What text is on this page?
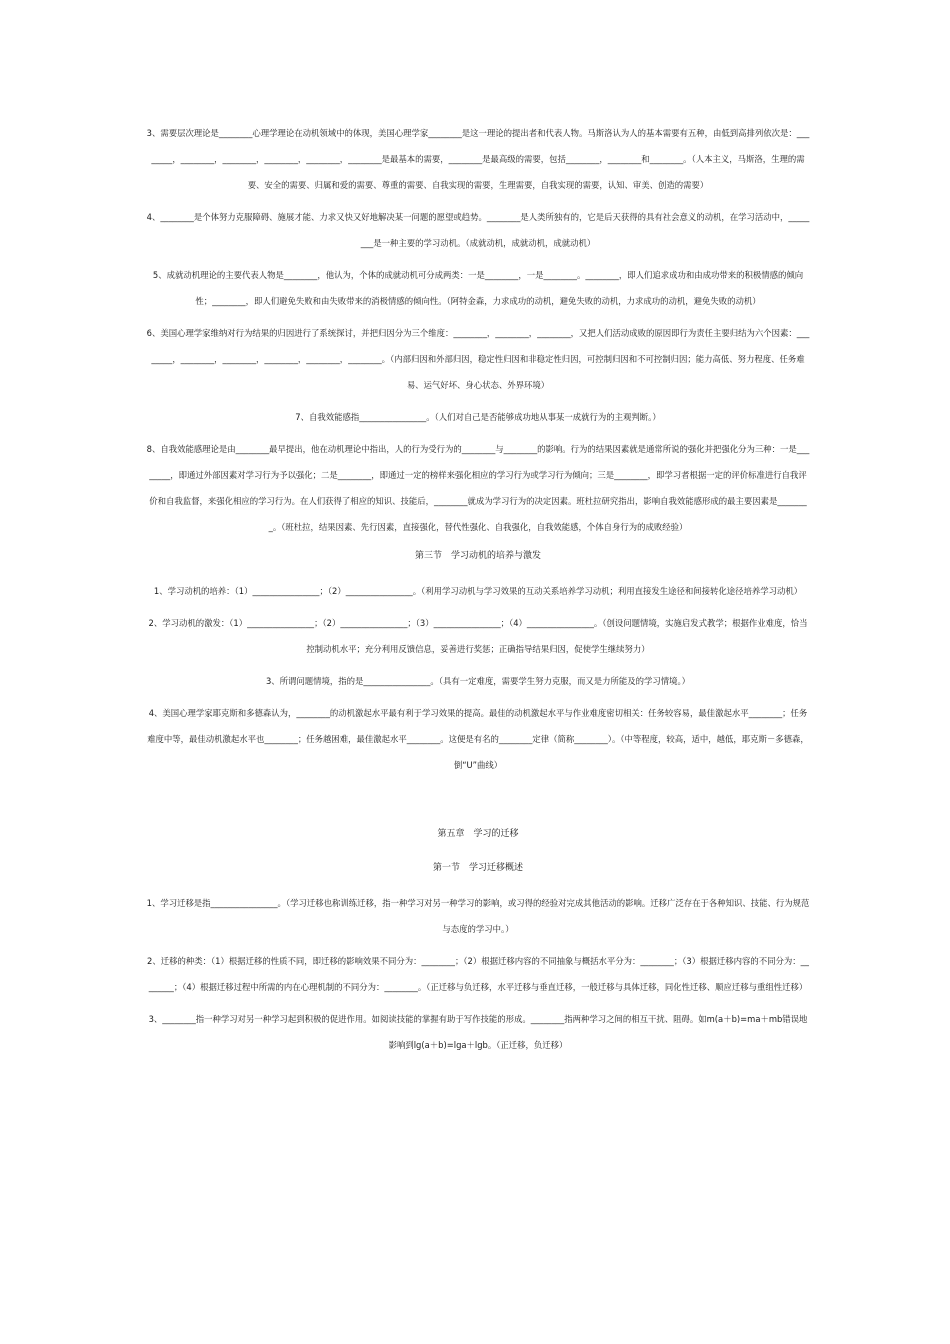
3、需要层次理论是________心理学理论在动机领域中的体现，美国心理学家________是这一理论的提出者和代表人物。马斯洛认为人的基本需要有五种，由低到高排列依次是：________，________，________，________，________，________是最基本的需要，________是最高级的需要，包括________，________和________。（人本主义，马斯洛，生理的需要、安全的需要、归属和爱的需要、尊重的需要、自我实现的需要，生理需要，自我实现的需要，认知、审美、创造的需要）

4、________是个体努力克服障碍、施展才能、力求又快又好地解决某一问题的愿望或趋势。________是人类所独有的，它是后天获得的具有社会意义的动机，在学习活动中，________是一种主要的学习动机。（成就动机，成就动机，成就动机）

5、成就动机理论的主要代表人物是________，他认为，个体的成就动机可分成两类：一是________，一是________。________，即人们追求成功和由成功带来的积极情感的倾向性；________，即人们避免失败和由失败带来的消极情感的倾向性。（阿特金森，力求成功的动机，避免失败的动机，力求成功的动机，避免失败的动机）

6、美国心理学家维纳对行为结果的归因进行了系统探讨，并把归因分为三个维度：________，________，________，又把人们活动成败的原因即行为责任主要归结为六个因素：________，________，________，________，________，________。（内部归因和外部归因，稳定性归因和非稳定性归因，可控制归因和不可控制归因；能力高低、努力程度、任务难易、运气好坏、身心状态、外界环境）

7、自我效能感指________________。（人们对自己是否能够成功地从事某一成就行为的主观判断。）

8、自我效能感理论是由________最早提出，他在动机理论中指出，人的行为受行为的________与________的影响。行为的结果因素就是通常所说的强化并把强化分为三种：一是________，即通过外部因素对学习行为予以强化；二是________，即通过一定的榜样来强化相应的学习行为或学习行为倾向；三是________，即学习者根据一定的评价标准进行自我评价和自我监督，来强化相应的学习行为。在人们获得了相应的知识、技能后，________就成为学习行为的决定因素。班杜拉研究指出，影响自我效能感形成的最主要因素是________。（班杜拉，结果因素、先行因素，直接强化，替代性强化、自我强化，自我效能感，个体自身行为的成败经验）

第三节　学习动机的培养与激发

1、学习动机的培养：（1）________________；（2）________________。（利用学习动机与学习效果的互动关系培养学习动机；利用直接发生途径和间接转化途径培养学习动机）

2、学习动机的激发：（1）________________；（2）________________；（3）________________；（4）________________。（创设问题情境，实施启发式教学；根据作业难度，恰当控制动机水平；充分利用反馈信息，妥善进行奖惩；正确指导结果归因，促使学生继续努力）

3、所谓问题情境，指的是________________。（具有一定难度，需要学生努力克服，而又是力所能及的学习情境。）

4、美国心理学家耶克斯和多德森认为，________的动机激起水平最有利于学习效果的提高。最佳的动机激起水平与作业难度密切相关：任务较容易，最佳激起水平________；任务难度中等，最佳动机激起水平也________；任务越困难，最佳激起水平________。这便是有名的________定律（简称________）。（中等程度，较高，适中，越低，耶克斯－多德森，倒“U”曲线）

第五章　学习的迁移
第一节　学习迁移概述

1、学习迁移是指________________。（学习迁移也称训练迁移，指一种学习对另一种学习的影响，或习得的经验对完成其他活动的影响。迁移广泛存在于各种知识、技能、行为规范与态度的学习中。）

2、迁移的种类：（1）根据迁移的性质不同，即迁移的影响效果不同分为：________；（2）根据迁移内容的不同抽象与概括水平分为：________；（3）根据迁移内容的不同分为：________；（4）根据迁移过程中所需的内在心理机制的不同分为：________。（正迁移与负迁移，水平迁移与垂直迁移，一般迁移与具体迁移，同化性迁移、顺应迁移与重组性迁移）

3、________指一种学习对另一种学习起到积极的促进作用。如阅读技能的掌握有助于写作技能的形成。________指两种学习之间的相互干扰、阻碍。如m(a＋b)=ma＋mb错误地影响到lg(a＋b)=lga＋lgb。（正迁移，负迁移）
